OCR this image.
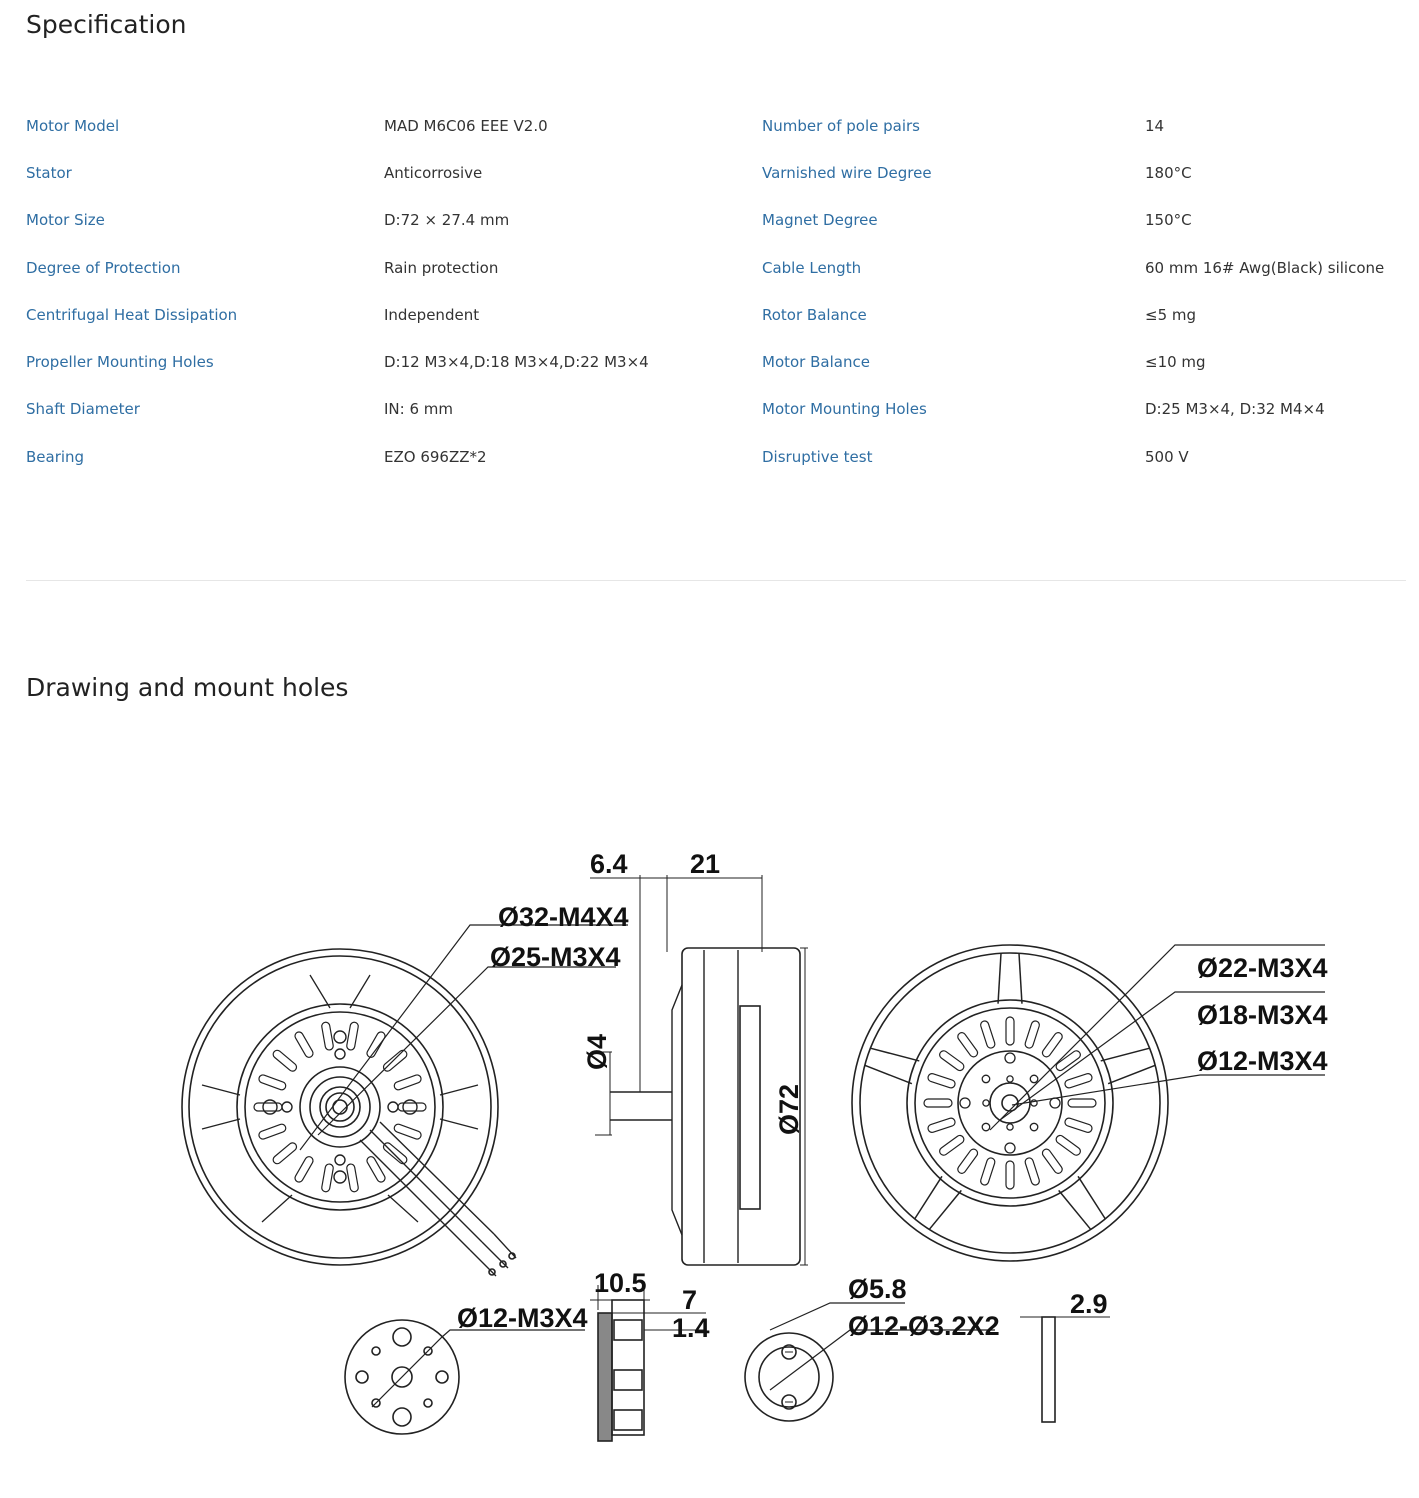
Specification
Motor Model	MAD M6C06 EEE V2.0	Number of pole pairs	14
Stator	Anticorrosive	Varnished wire Degree	180°C
Motor Size	D:72 × 27.4 mm	Magnet Degree	150°C
Degree of Protection	Rain protection	Cable Length	60 mm 16# Awg(Black) silicone
Centrifugal Heat Dissipation	Independent	Rotor Balance	≤5 mg
Propeller Mounting Holes	D:12 M3×4,D:18 M3×4,D:22 M3×4	Motor Balance	≤10 mg
Shaft Diameter	IN: 6 mm	Motor Mounting Holes	D:25 M3×4, D:32 M4×4
Bearing	EZO 696ZZ*2	Disruptive test	500 V
Drawing and mount holes
6.4 21
Ø32-M4X4
Ø25-M3X4
Ø4
Ø72
Ø22-M3X4
Ø18-M3X4
Ø12-M3X4
10.5
7
1.4
Ø12-M3X4
Ø5.8
Ø12-Ø3.2X2
2.9
